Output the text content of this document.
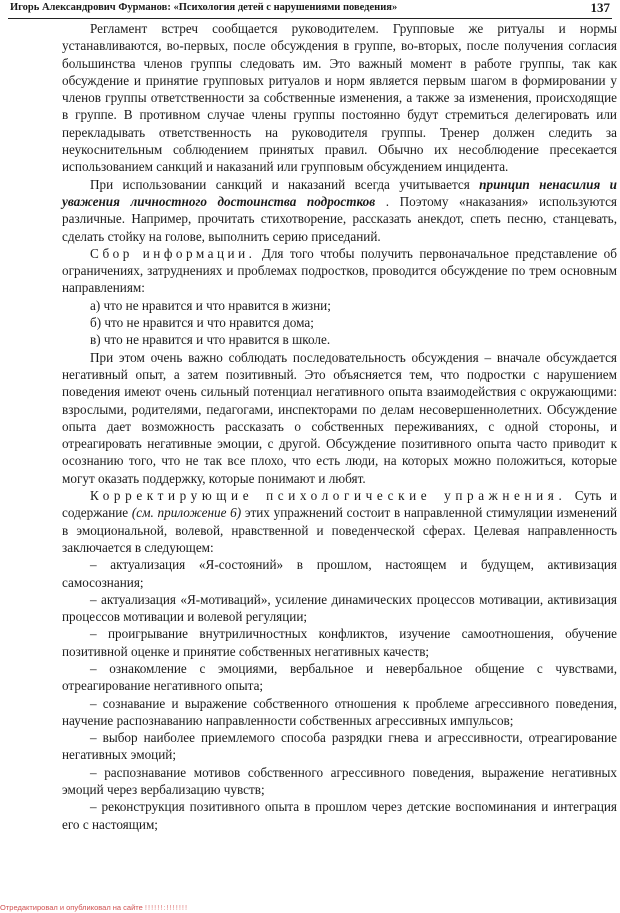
Игорь Александрович Фурманов: «Психология детей с нарушениями поведения»	137

Регламент встреч сообщается руководителем. Групповые же ритуалы и нормы устанавливаются, во-первых, после обсуждения в группе, во-вторых, после получения согласия большинства членов группы следовать им. Это важный момент в работе группы, так как обсуждение и принятие групповых ритуалов и норм является первым шагом в формировании у членов группы ответственности за собственные изменения, а также за изменения, происходящие в группе. В противном случае члены группы постоянно будут стремиться делегировать или перекладывать ответственность на руководителя группы. Тренер должен следить за неукоснительным соблюдением принятых правил. Обычно их несоблюдение пресекается использованием санкций и наказаний или групповым обсуждением инцидента.

При использовании санкций и наказаний всегда учитывается принцип ненасилия и уважения личностного достоинства подростков . Поэтому «наказания» используются различные. Например, прочитать стихотворение, рассказать анекдот, спеть песню, станцевать, сделать стойку на голове, выполнить серию приседаний.

Сбор информации. Для того чтобы получить первоначальное представление об ограничениях, затруднениях и проблемах подростков, проводится обсуждение по трем основным направлениям:

а) что не нравится и что нравится в жизни;

б) что не нравится и что нравится дома;

в) что не нравится и что нравится в школе.

При этом очень важно соблюдать последовательность обсуждения – вначале обсуждается негативный опыт, а затем позитивный. Это объясняется тем, что подростки с нарушением поведения имеют очень сильный потенциал негативного опыта взаимодействия с окружающими: взрослыми, родителями, педагогами, инспекторами по делам несовершеннолетних. Обсуждение опыта дает возможность рассказать о собственных переживаниях, с одной стороны, и отреагировать негативные эмоции, с другой. Обсуждение позитивного опыта часто приводит к осознанию того, что не так все плохо, что есть люди, на которых можно положиться, которые могут оказать поддержку, которые понимают и любят.

Корректирующие психологические упражнения. Суть и содержание (см. приложение 6) этих упражнений состоит в направленной стимуляции изменений в эмоциональной, волевой, нравственной и поведенческой сферах. Целевая направленность заключается в следующем:

– актуализация «Я-состояний» в прошлом, настоящем и будущем, активизация самосознания;

– актуализация «Я-мотиваций», усиление динамических процессов мотивации, активизация процессов мотивации и волевой регуляции;

– проигрывание внутриличностных конфликтов, изучение самоотношения, обучение позитивной оценке и принятие собственных негативных качеств;

– ознакомление с эмоциями, вербальное и невербальное общение с чувствами, отреагирование негативного опыта;

– сознавание и выражение собственного отношения к проблеме агрессивного поведения, научение распознаванию направленности собственных агрессивных импульсов;

– выбор наиболее приемлемого способа разрядки гнева и агрессивности, отреагирование негативных эмоций;

– распознавание мотивов собственного агрессивного поведения, выражение негативных эмоций через вербализацию чувств;

– реконструкция позитивного опыта в прошлом через детские воспоминания и интеграция его с настоящим;

Отредактировал и опубликовал на сайте !!!!!!:!!!!!!!
